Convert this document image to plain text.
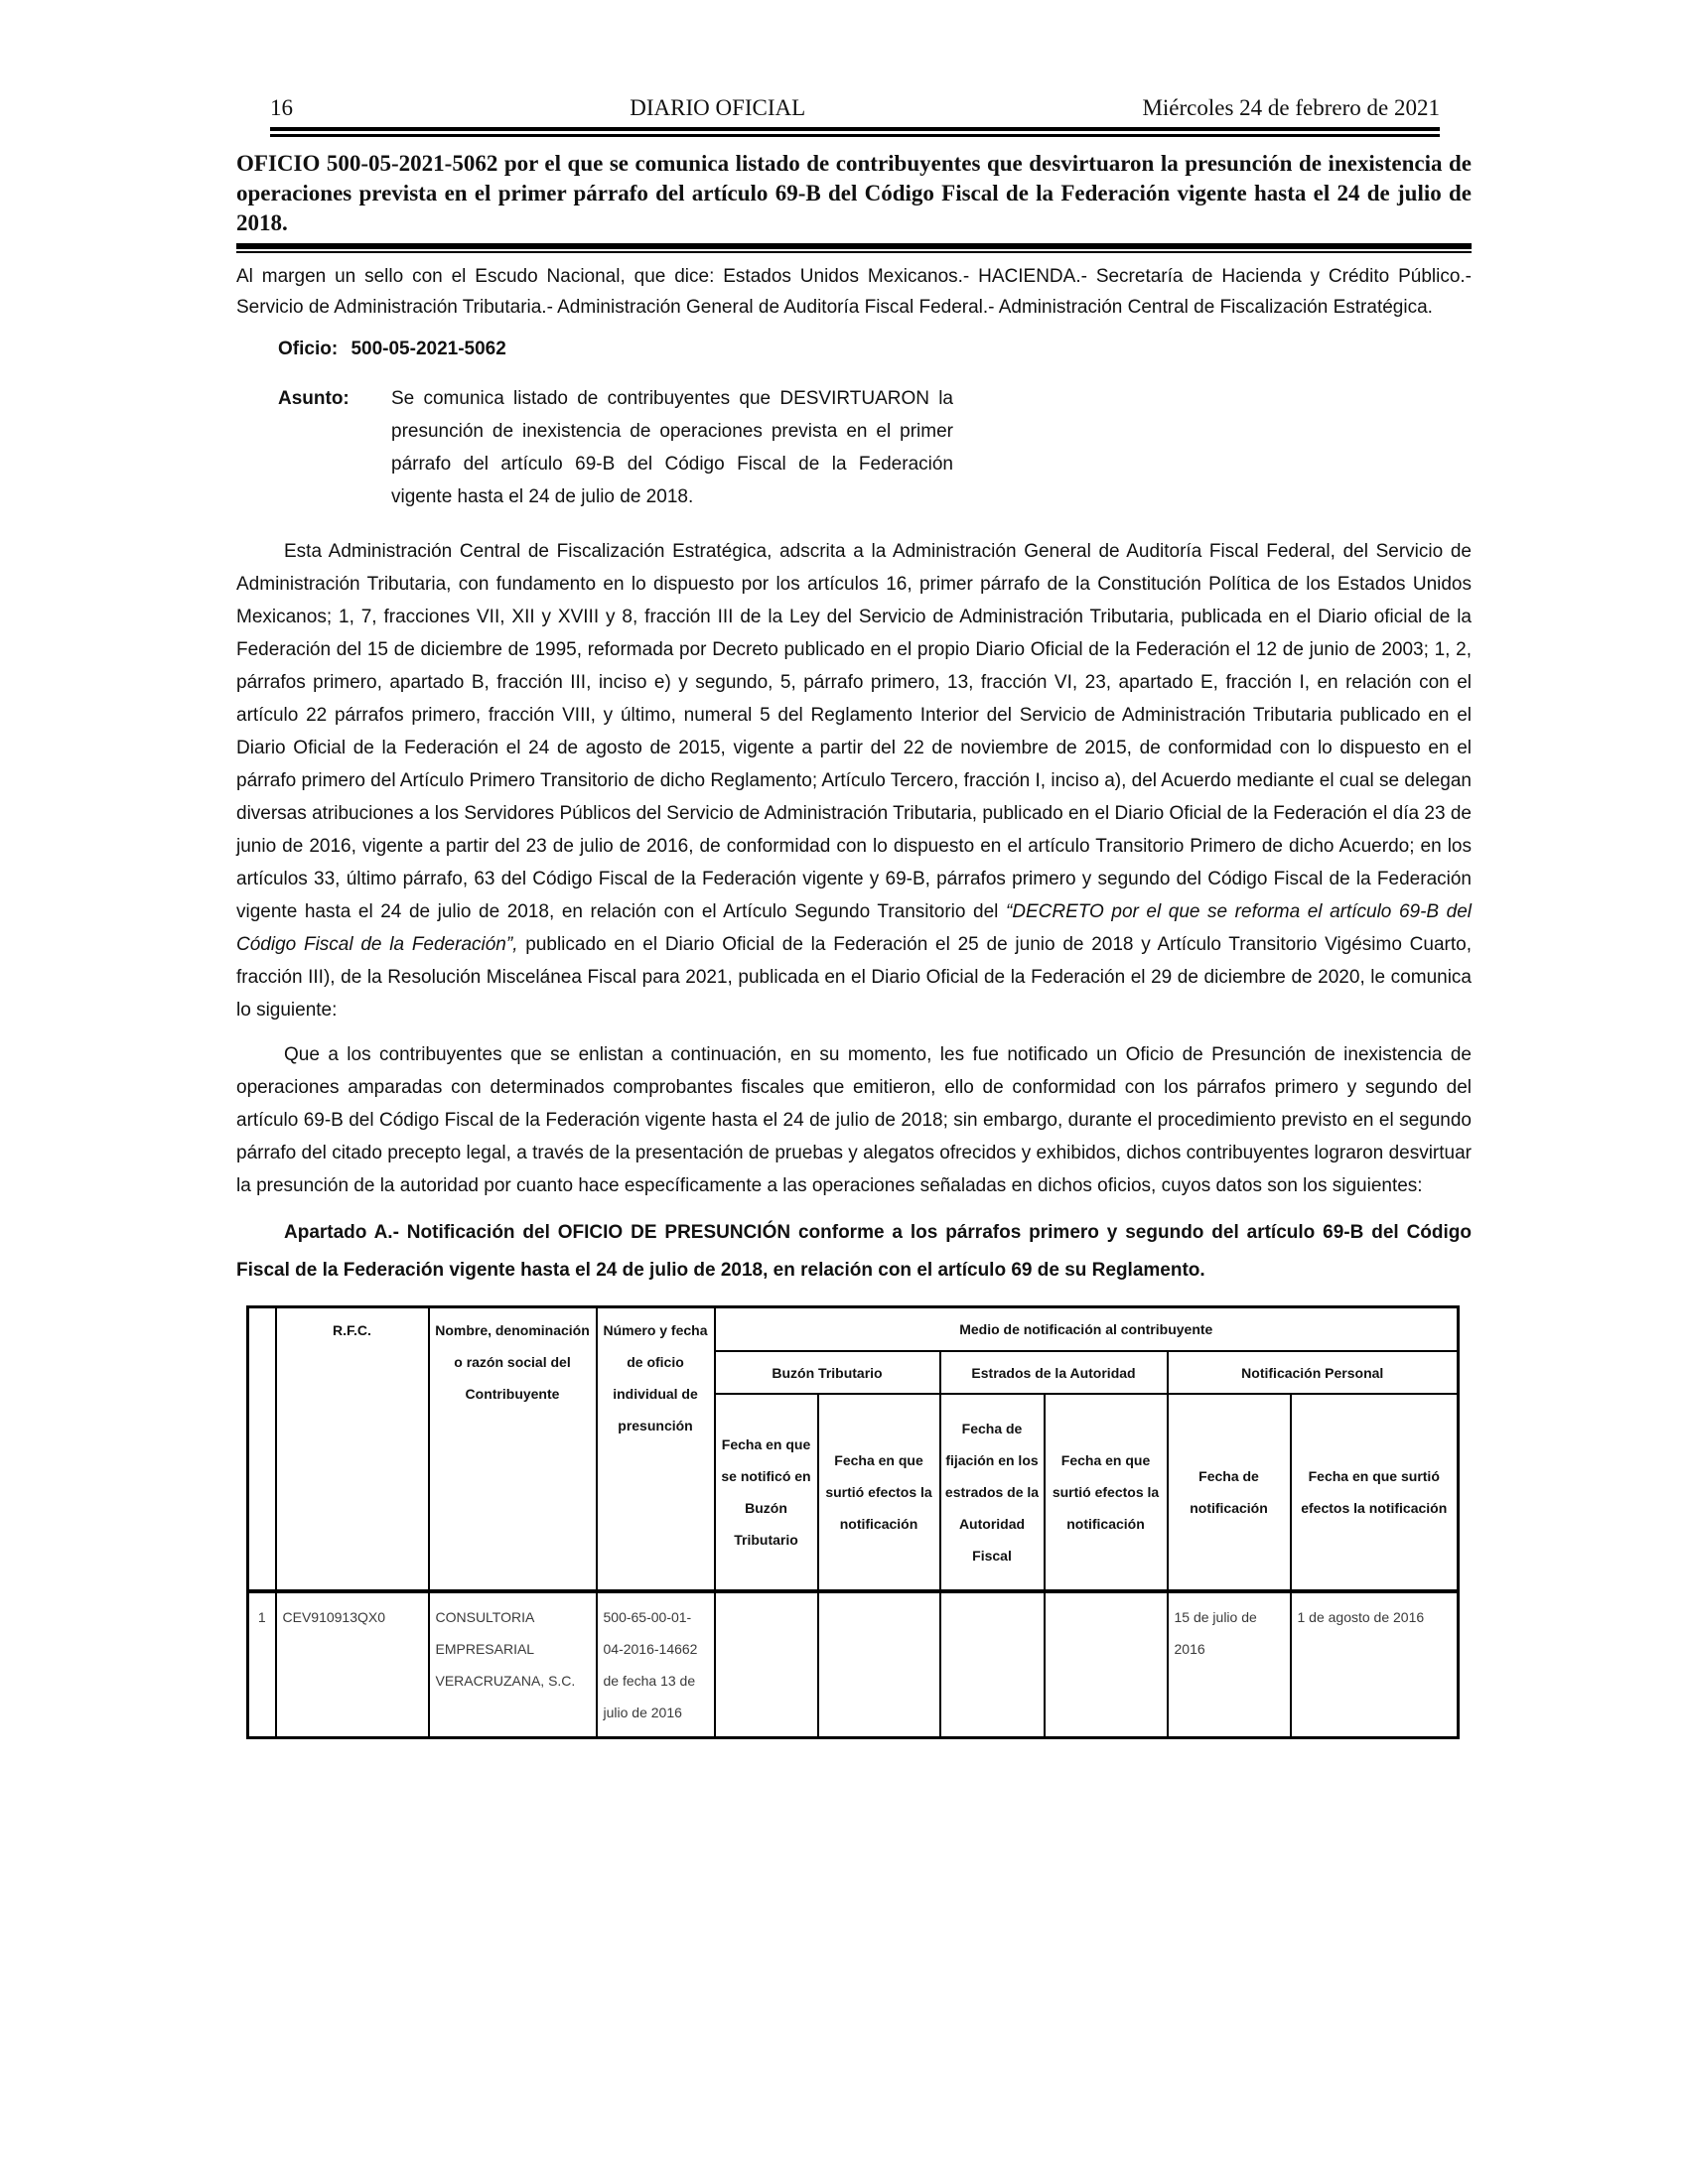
16	DIARIO OFICIAL	Miércoles 24 de febrero de 2021
OFICIO 500-05-2021-5062 por el que se comunica listado de contribuyentes que desvirtuaron la presunción de inexistencia de operaciones prevista en el primer párrafo del artículo 69-B del Código Fiscal de la Federación vigente hasta el 24 de julio de 2018.

Al margen un sello con el Escudo Nacional, que dice: Estados Unidos Mexicanos.- HACIENDA.- Secretaría de Hacienda y Crédito Público.- Servicio de Administración Tributaria.- Administración General de Auditoría Fiscal Federal.- Administración Central de Fiscalización Estratégica.

Oficio: 500-05-2021-5062
Asunto:	Se comunica listado de contribuyentes que DESVIRTUARON la presunción de inexistencia de operaciones prevista en el primer párrafo del artículo 69-B del Código Fiscal de la Federación vigente hasta el 24 de julio de 2018.

Esta Administración Central de Fiscalización Estratégica, adscrita a la Administración General de Auditoría Fiscal Federal, del Servicio de Administración Tributaria, con fundamento en lo dispuesto por los artículos 16, primer párrafo de la Constitución Política de los Estados Unidos Mexicanos; 1, 7, fracciones VII, XII y XVIII y 8, fracción III de la Ley del Servicio de Administración Tributaria, publicada en el Diario oficial de la Federación del 15 de diciembre de 1995, reformada por Decreto publicado en el propio Diario Oficial de la Federación el 12 de junio de 2003; 1, 2, párrafos primero, apartado B, fracción III, inciso e) y segundo, 5, párrafo primero, 13, fracción VI, 23, apartado E, fracción I, en relación con el artículo 22 párrafos primero, fracción VIII, y último, numeral 5 del Reglamento Interior del Servicio de Administración Tributaria publicado en el Diario Oficial de la Federación el 24 de agosto de 2015, vigente a partir del 22 de noviembre de 2015, de conformidad con lo dispuesto en el párrafo primero del Artículo Primero Transitorio de dicho Reglamento; Artículo Tercero, fracción I, inciso a), del Acuerdo mediante el cual se delegan diversas atribuciones a los Servidores Públicos del Servicio de Administración Tributaria, publicado en el Diario Oficial de la Federación el día 23 de junio de 2016, vigente a partir del 23 de julio de 2016, de conformidad con lo dispuesto en el artículo Transitorio Primero de dicho Acuerdo; en los artículos 33, último párrafo, 63 del Código Fiscal de la Federación vigente y 69-B, párrafos primero y segundo del Código Fiscal de la Federación vigente hasta el 24 de julio de 2018, en relación con el Artículo Segundo Transitorio del “DECRETO por el que se reforma el artículo 69-B del Código Fiscal de la Federación”, publicado en el Diario Oficial de la Federación el 25 de junio de 2018 y Artículo Transitorio Vigésimo Cuarto, fracción III), de la Resolución Miscelánea Fiscal para 2021, publicada en el Diario Oficial de la Federación el 29 de diciembre de 2020, le comunica lo siguiente:

Que a los contribuyentes que se enlistan a continuación, en su momento, les fue notificado un Oficio de Presunción de inexistencia de operaciones amparadas con determinados comprobantes fiscales que emitieron, ello de conformidad con los párrafos primero y segundo del artículo 69-B del Código Fiscal de la Federación vigente hasta el 24 de julio de 2018; sin embargo, durante el procedimiento previsto en el segundo párrafo del citado precepto legal, a través de la presentación de pruebas y alegatos ofrecidos y exhibidos, dichos contribuyentes lograron desvirtuar la presunción de la autoridad por cuanto hace específicamente a las operaciones señaladas en dichos oficios, cuyos datos son los siguientes:

Apartado A.- Notificación del OFICIO DE PRESUNCIÓN conforme a los párrafos primero y segundo del artículo 69-B del Código Fiscal de la Federación vigente hasta el 24 de julio de 2018, en relación con el artículo 69 de su Reglamento.

	R.F.C.	Nombre, denominación o razón social del Contribuyente	Número y fecha de oficio individual de presunción	Medio de notificación al contribuyente					
				Buzón Tributario		Estrados de la Autoridad		Notificación Personal	
				Fecha en que se notificó en Buzón Tributario	Fecha en que surtió efectos la notificación	Fecha de fijación en los estrados de la Autoridad Fiscal	Fecha en que surtió efectos la notificación	Fecha de notificación	Fecha en que surtió efectos la notificación
1	CEV910913QX0	CONSULTORIA EMPRESARIAL VERACRUZANA, S.C.	500-65-00-01-04-2016-14662 de fecha 13 de julio de 2016					15 de julio de 2016	1 de agosto de 2016
